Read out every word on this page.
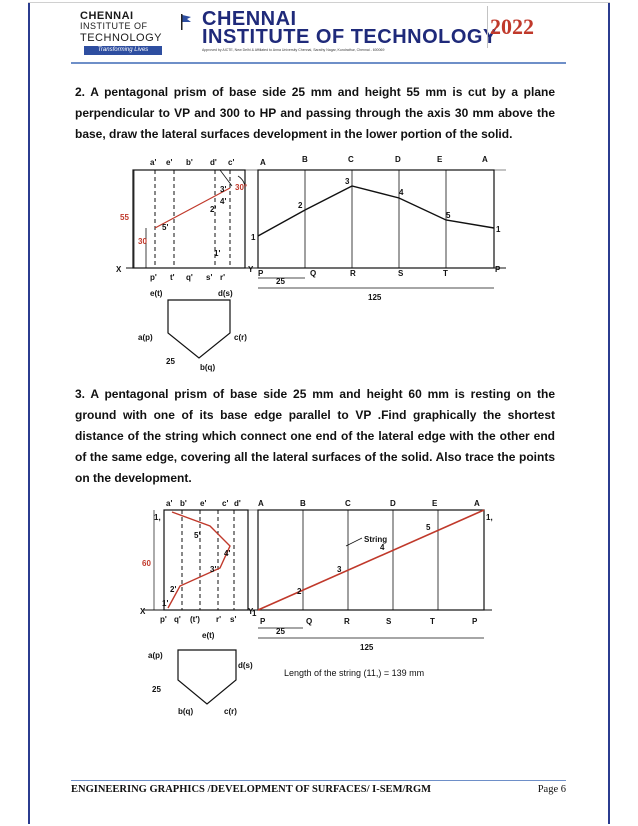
CHENNAI
INSTITUTE OF
TECHNOLOGY
Transforming Lives
CHENNAI
INSTITUTE OF TECHNOLOGY
Approved by AICTE, New Delhi & Affiliated to Anna University Chennai, Sarathy Nagar, Kundrathur, Chennai - 600069
2022
2. A pentagonal prism of base side 25 mm and height 55 mm is cut by a plane perpendicular to VP and 300 to HP and passing through the axis 30 mm above the base, draw the lateral surfaces development in the lower portion of the solid.
a' e' b' d' c'	A	B	C	D	E	A
1
2
3
4
5
1
1'
2'
3'
4'
5'
30°
55
30
X	Y
p' t' q' s' r'
e(t)	d(s)
a(p)	c(r)
b(q)
25
P	Q	R	S	T	P
25
125
3. A pentagonal prism of base side 25 mm and height 60 mm is resting on the ground with one of its base edge parallel to VP .Find graphically the shortest distance of the string which connect one end of the lateral edge with the other end of the same edge, covering all the lateral surfaces of the solid. Also trace the points on the development.
a' b' e' c' d' A	B	C	D	E	A
2
3
4
5
1,
1
String
1,
5'
4'
3'
2'
1'
60
X	Y
p' q' (t') r' s'
e(t)
a(p)
d(s)
b(q)	c(r)
25
P	Q	R	S	T	P
25
125
Length of the string (11,) = 139 mm
ENGINEERING GRAPHICS /DEVELOPMENT OF SURFACES/ I-SEM/RGM	Page 6
